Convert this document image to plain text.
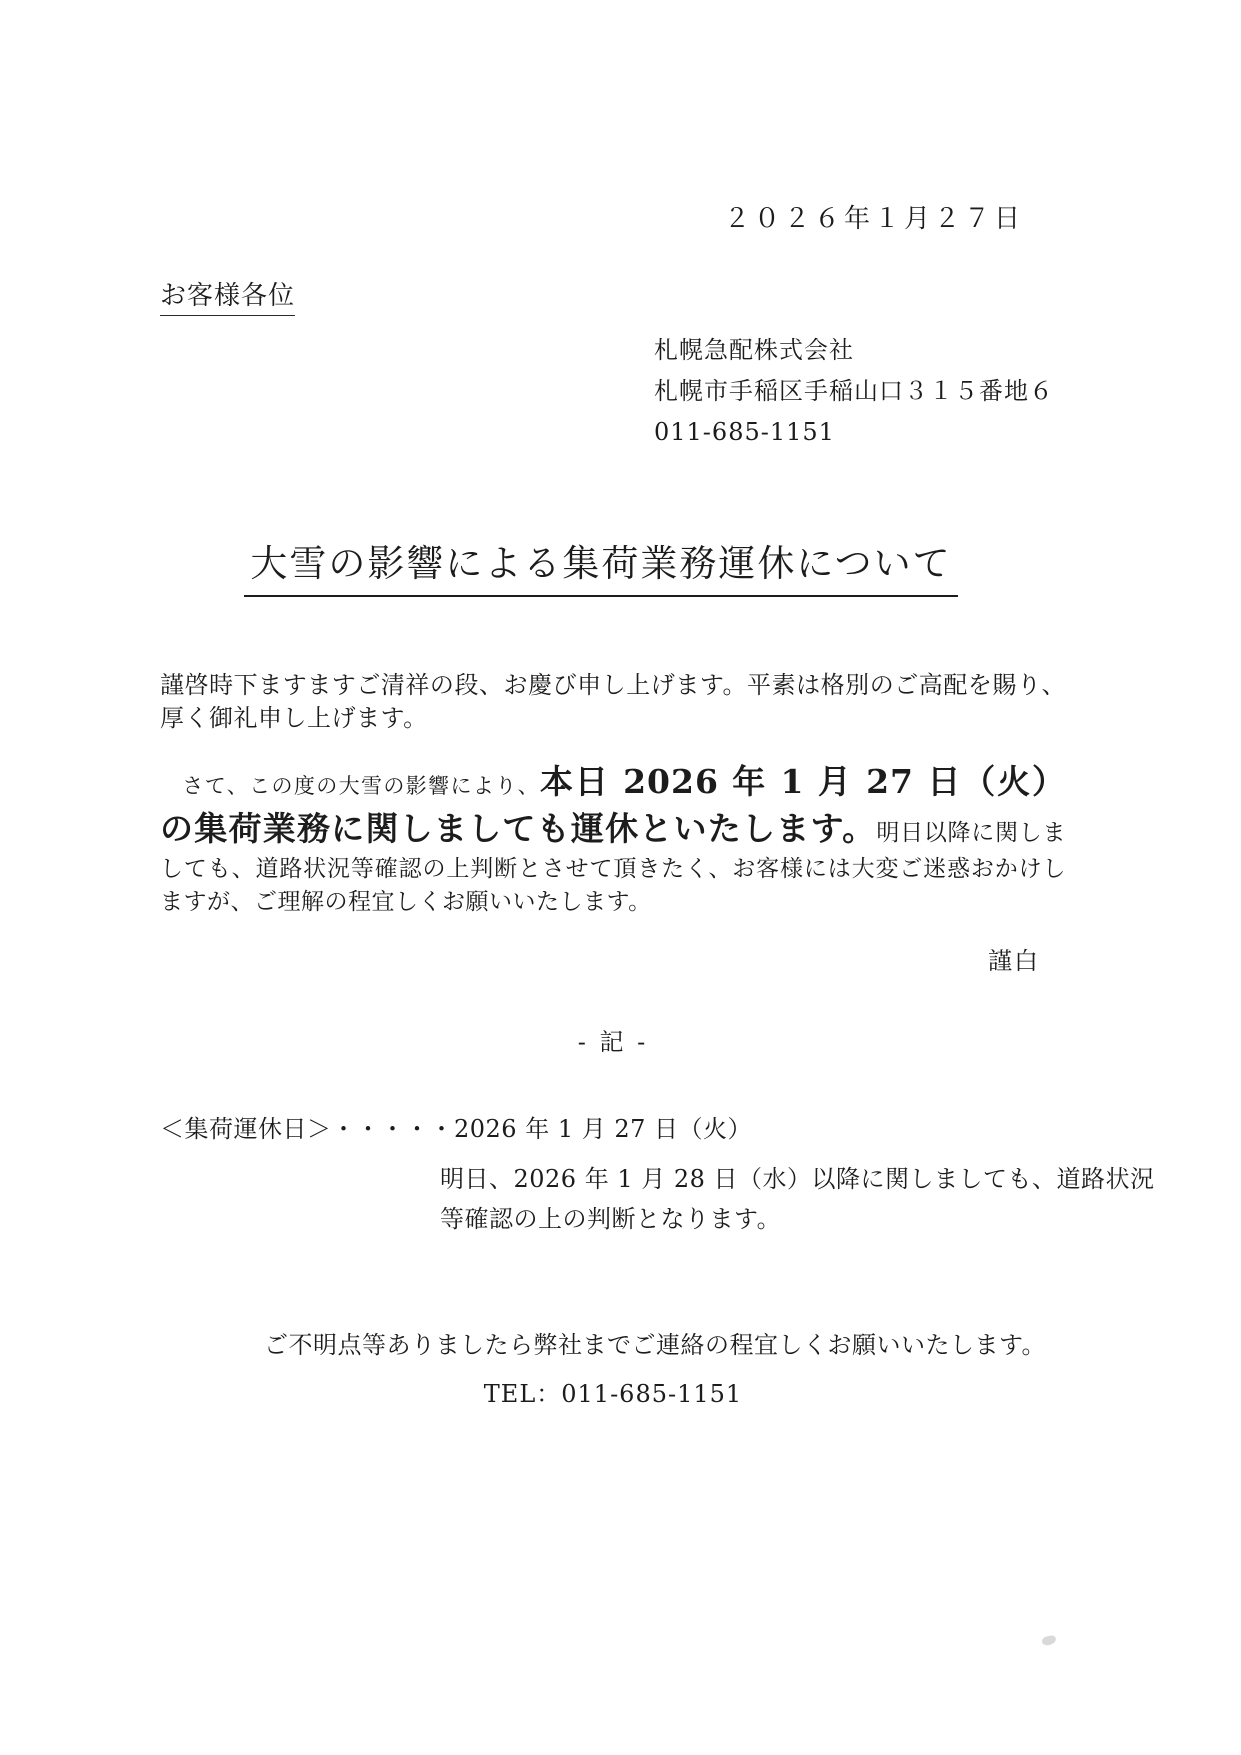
２０２６年１月２７日
お客様各位
札幌急配株式会社
札幌市手稲区手稲山口３１５番地６
011-685-1151
大雪の影響による集荷業務運休について

謹啓時下ますますご清祥の段、お慶び申し上げます。平素は格別のご高配を賜り、厚く御礼申し上げます。

　さて、この度の大雪の影響により、本日 2026 年 1 月 27 日（火）の集荷業務に関しましても運休といたします。明日以降に関しましても、道路状況等確認の上判断とさせて頂きたく、お客様には大変ご迷惑おかけしますが、ご理解の程宜しくお願いいたします。

謹白
- 記 -
＜集荷運休日＞・・・・・2026 年 1 月 27 日（火）
明日、2026 年 1 月 28 日（水）以降に関しましても、道路状況
等確認の上の判断となります。
ご不明点等ありましたら弊社までご連絡の程宜しくお願いいたします。
TEL：011-685-1151
